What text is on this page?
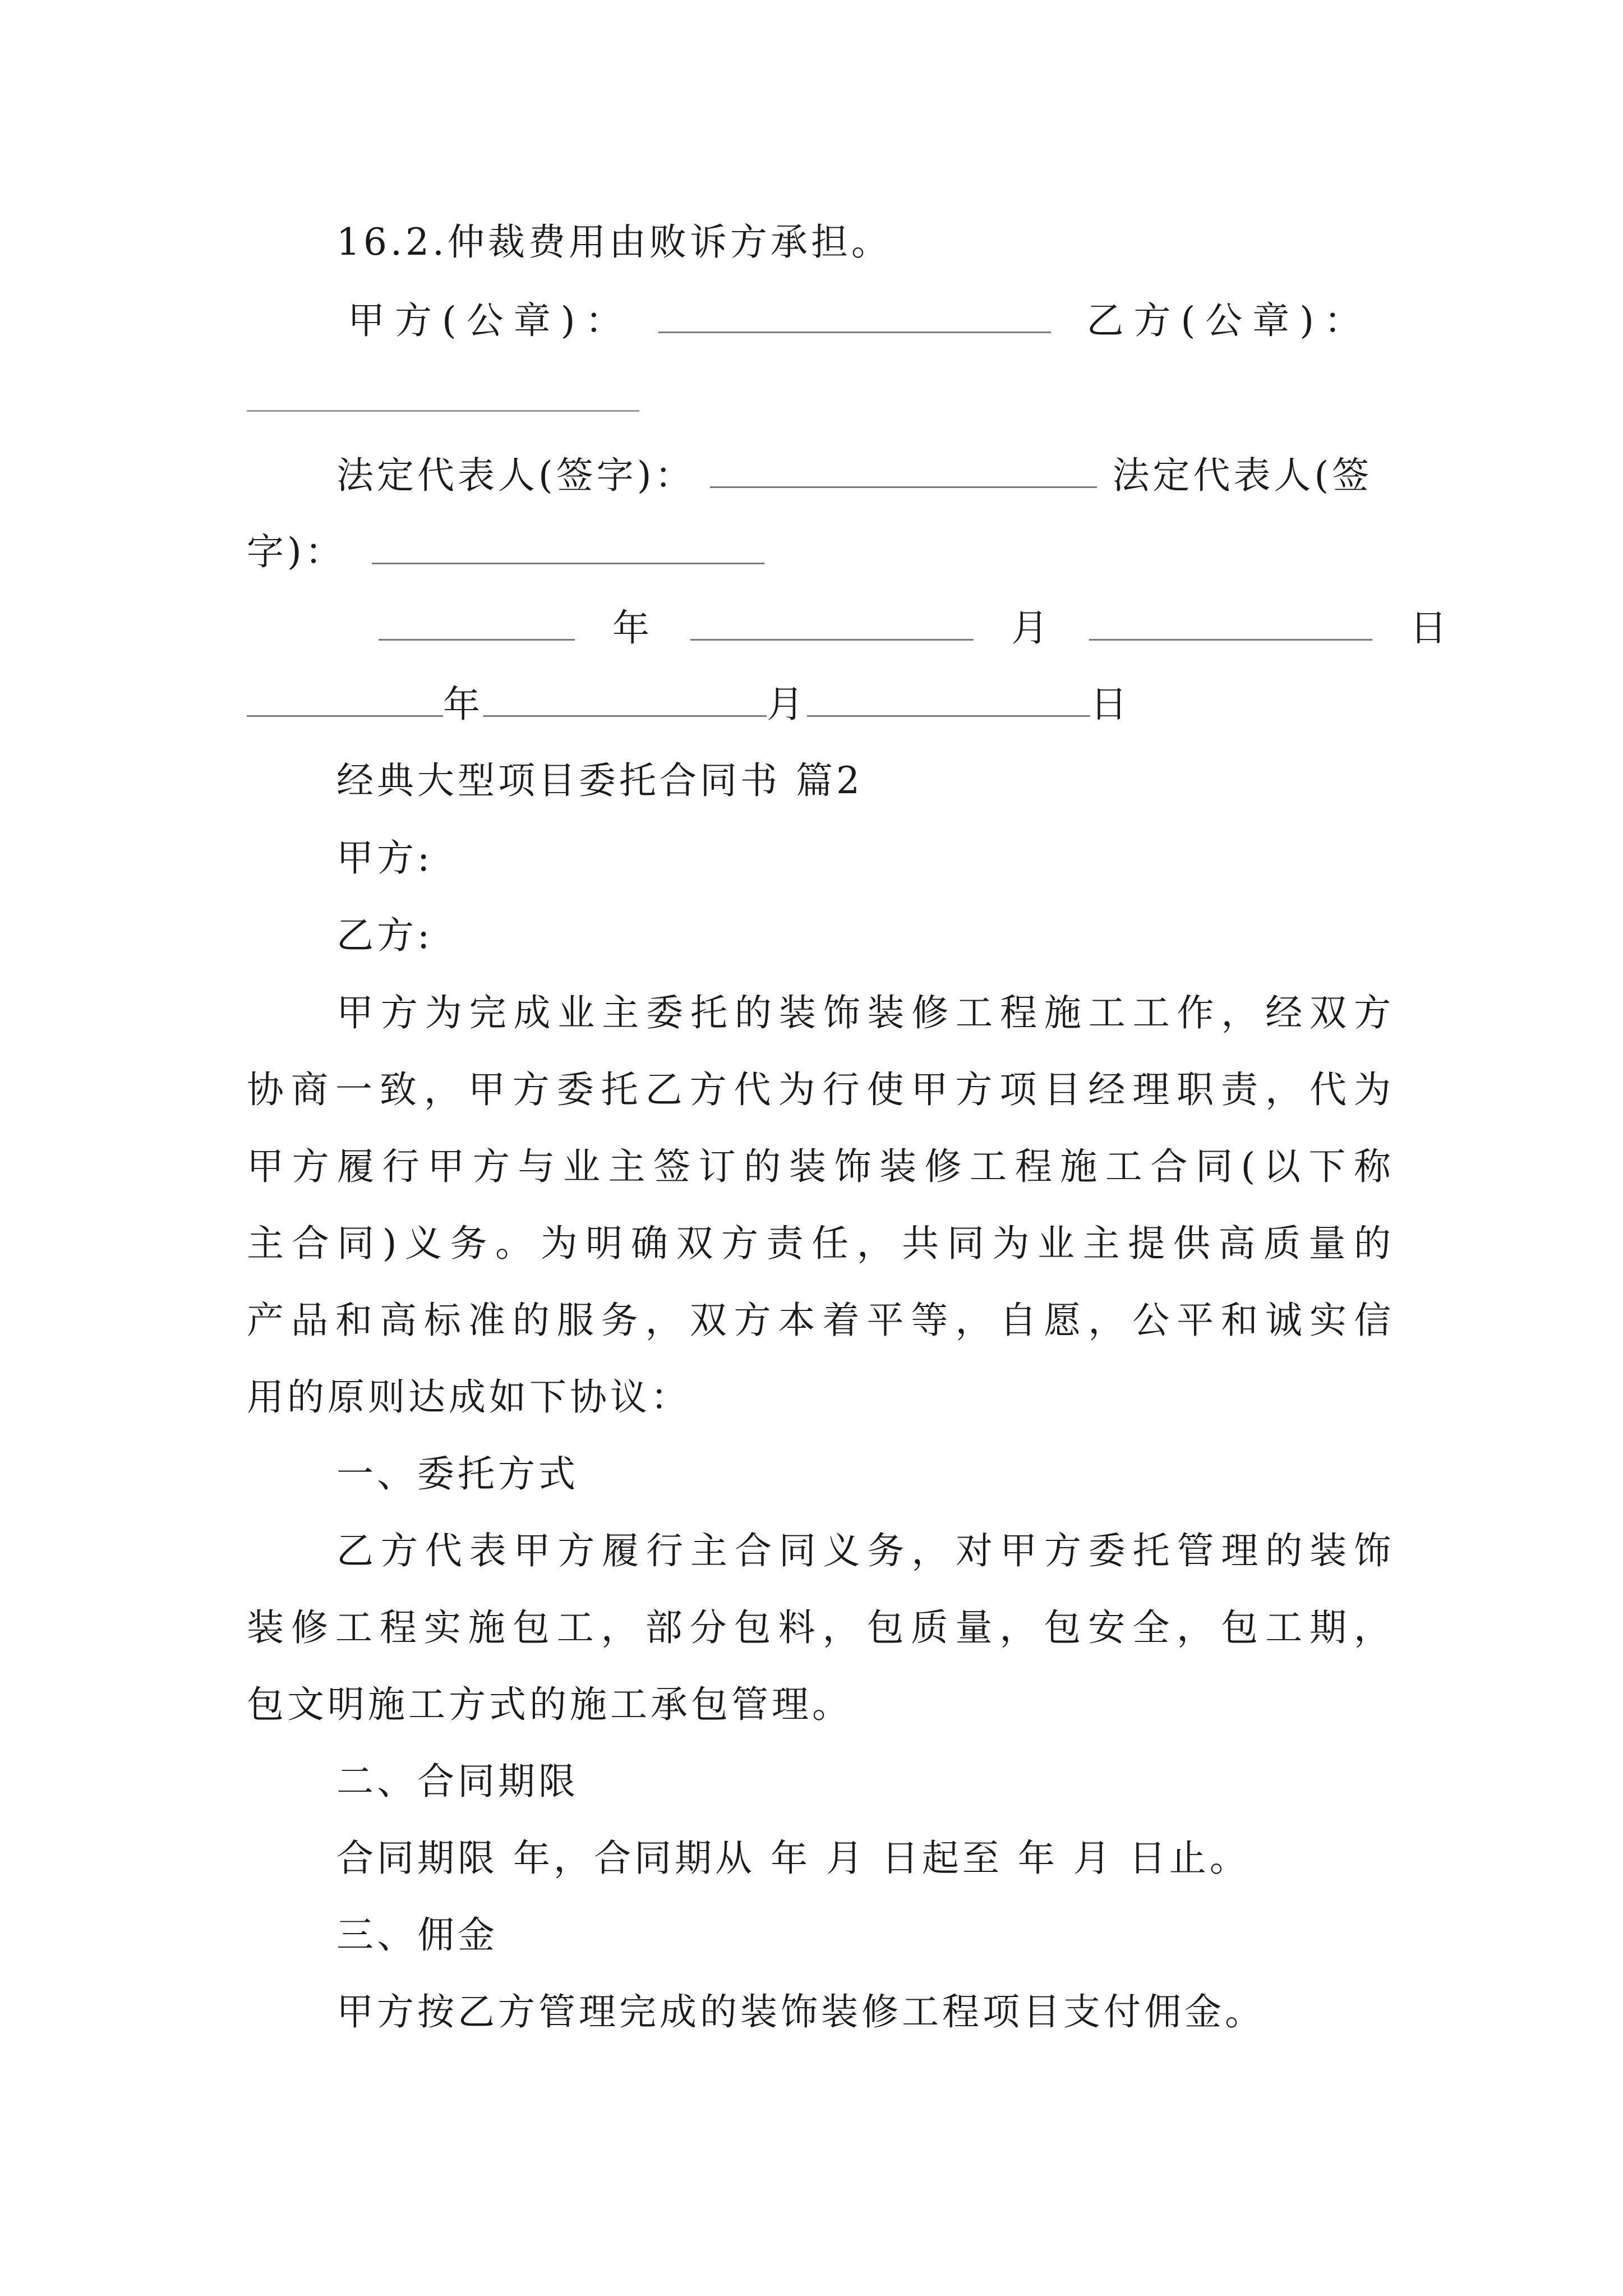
16.2.仲裁费用由败诉方承担。
甲方(公章)：	乙方(公章)：
法定代表人(签字)：	法定代表人(签
字)：
年	月	日
年	月	日
经典大型项目委托合同书 篇2
甲方:
乙方:
甲方为完成业主委托的装饰装修工程施工工作，经双方
协商一致，甲方委托乙方代为行使甲方项目经理职责，代为
甲方履行甲方与业主签订的装饰装修工程施工合同(以下称
主合同)义务。为明确双方责任，共同为业主提供高质量的
产品和高标准的服务，双方本着平等，自愿，公平和诚实信
用的原则达成如下协议：
一、委托方式
乙方代表甲方履行主合同义务，对甲方委托管理的装饰
装修工程实施包工，部分包料，包质量，包安全，包工期，
包文明施工方式的施工承包管理。
二、合同期限
合同期限 年，合同期从 年 月 日起至 年 月 日止。
三、佣金
甲方按乙方管理完成的装饰装修工程项目支付佣金。
